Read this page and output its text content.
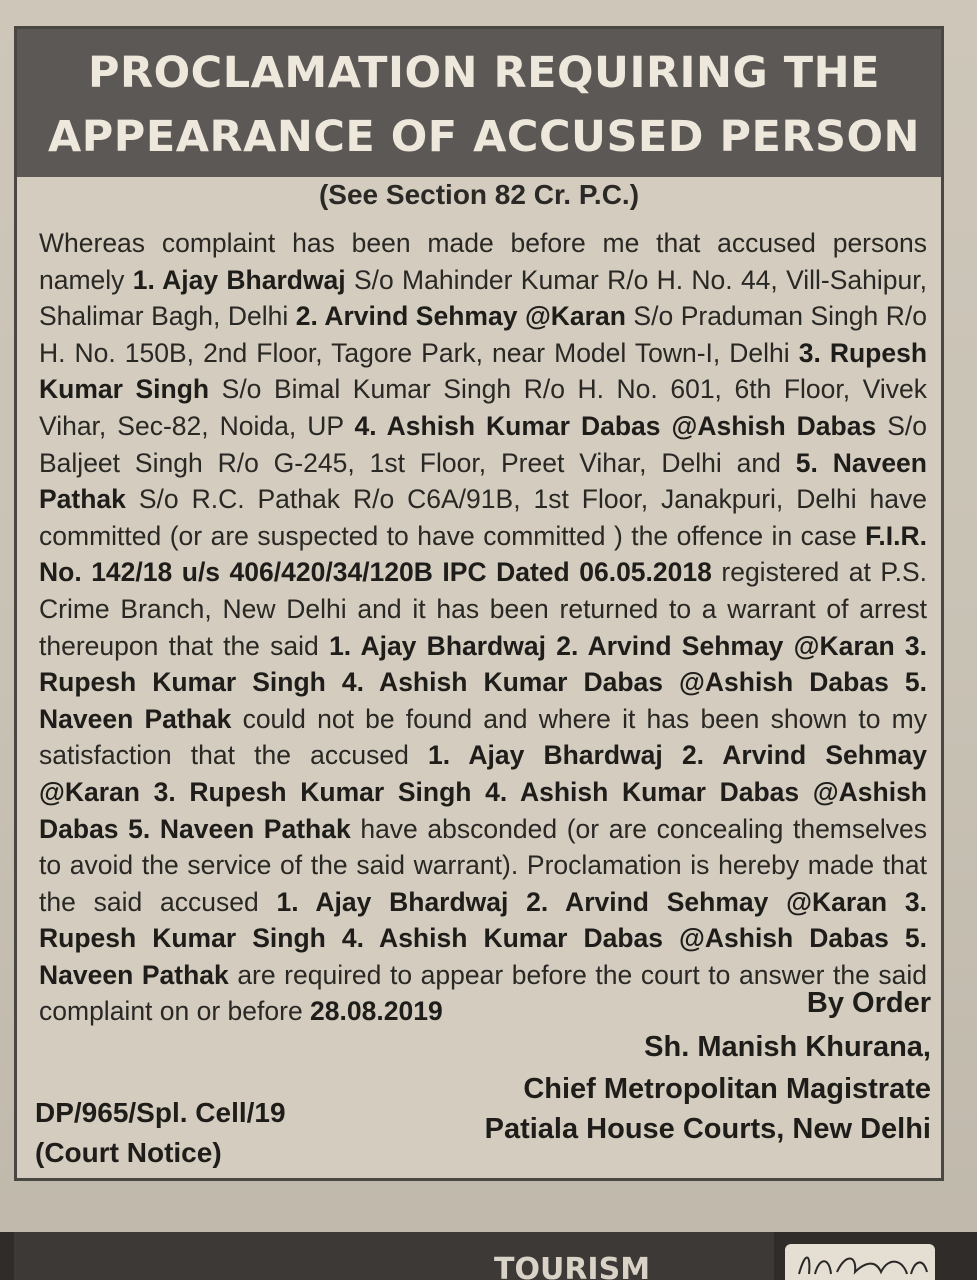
PROCLAMATION REQUIRING THE
APPEARANCE OF ACCUSED PERSON
(See Section 82 Cr. P.C.)
Whereas complaint has been made before me that accused persons namely 1. Ajay Bhardwaj S/o Mahinder Kumar R/o H. No. 44, Vill-Sahipur, Shalimar Bagh, Delhi 2. Arvind Sehmay @Karan S/o Praduman Singh R/o H. No. 150B, 2nd Floor, Tagore Park, near Model Town-I, Delhi 3. Rupesh Kumar Singh S/o Bimal Kumar Singh R/o H. No. 601, 6th Floor, Vivek Vihar, Sec-82, Noida, UP 4. Ashish Kumar Dabas @Ashish Dabas S/o Baljeet Singh R/o G-245, 1st Floor, Preet Vihar, Delhi and 5. Naveen Pathak S/o R.C. Pathak R/o C6A/91B, 1st Floor, Janakpuri, Delhi have committed (or are suspected to have committed ) the offence in case F.I.R. No. 142/18 u/s 406/420/34/120B IPC Dated 06.05.2018 registered at P.S. Crime Branch, New Delhi and it has been returned to a warrant of arrest thereupon that the said 1. Ajay Bhardwaj 2. Arvind Sehmay @Karan 3. Rupesh Kumar Singh 4. Ashish Kumar Dabas @Ashish Dabas 5. Naveen Pathak could not be found and where it has been shown to my satisfaction that the accused 1. Ajay Bhardwaj 2. Arvind Sehmay @Karan 3. Rupesh Kumar Singh 4. Ashish Kumar Dabas @Ashish Dabas 5. Naveen Pathak have absconded (or are concealing themselves to avoid the service of the said warrant). Proclamation is hereby made that the said accused 1. Ajay Bhardwaj 2. Arvind Sehmay @Karan 3. Rupesh Kumar Singh 4. Ashish Kumar Dabas @Ashish Dabas 5. Naveen Pathak are required to appear before the court to answer the said complaint on or before 28.08.2019	By Order
Sh. Manish Khurana,
Chief Metropolitan Magistrate
Patiala House Courts, New Delhi
DP/965/Spl. Cell/19
(Court Notice)
TOURISM
